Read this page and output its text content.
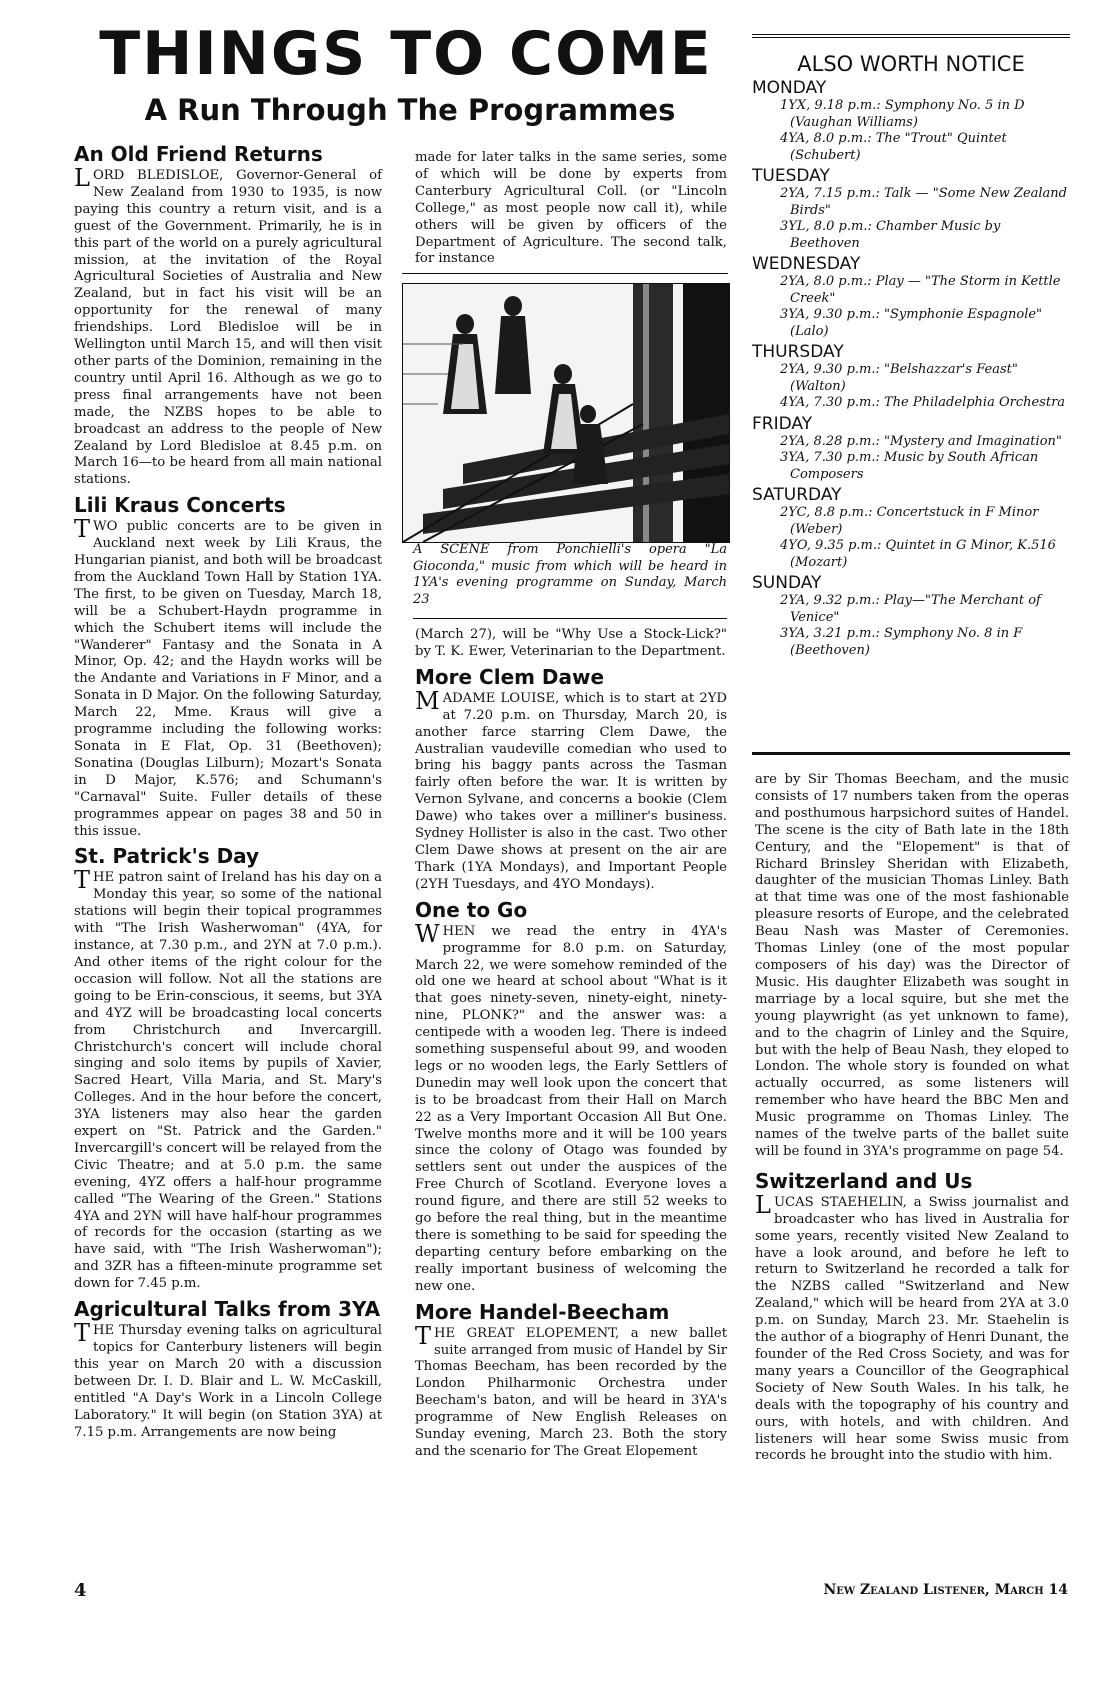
THINGS TO COME
A Run Through The Programmes
An Old Friend Returns

LORD BLEDISLOE, Governor-General of New Zealand from 1930 to 1935, is now paying this country a return visit, and is a guest of the Government. Primarily, he is in this part of the world on a purely agricultural mission, at the invitation of the Royal Agricultural Societies of Australia and New Zealand, but in fact his visit will be an opportunity for the renewal of many friendships. Lord Bledisloe will be in Wellington until March 15, and will then visit other parts of the Dominion, remaining in the country until April 16. Although as we go to press final arrangements have not been made, the NZBS hopes to be able to broadcast an address to the people of New Zealand by Lord Bledisloe at 8.45 p.m. on March 16—to be heard from all main national stations.

Lili Kraus Concerts

TWO public concerts are to be given in Auckland next week by Lili Kraus, the Hungarian pianist, and both will be broadcast from the Auckland Town Hall by Station 1YA. The first, to be given on Tuesday, March 18, will be a Schubert-Haydn programme in which the Schubert items will include the "Wanderer" Fantasy and the Sonata in A Minor, Op. 42; and the Haydn works will be the Andante and Variations in F Minor, and a Sonata in D Major. On the following Saturday, March 22, Mme. Kraus will give a programme including the following works: Sonata in E Flat, Op. 31 (Beethoven); Sonatina (Douglas Lilburn); Mozart's Sonata in D Major, K.576; and Schumann's "Carnaval" Suite. Fuller details of these programmes appear on pages 38 and 50 in this issue.

St. Patrick's Day

THE patron saint of Ireland has his day on a Monday this year, so some of the national stations will begin their topical programmes with "The Irish Washerwoman" (4YA, for instance, at 7.30 p.m., and 2YN at 7.0 p.m.). And other items of the right colour for the occasion will follow. Not all the stations are going to be Erin-conscious, it seems, but 3YA and 4YZ will be broadcasting local concerts from Christchurch and Invercargill. Christchurch's concert will include choral singing and solo items by pupils of Xavier, Sacred Heart, Villa Maria, and St. Mary's Colleges. And in the hour before the concert, 3YA listeners may also hear the garden expert on "St. Patrick and the Garden." Invercargill's concert will be relayed from the Civic Theatre; and at 5.0 p.m. the same evening, 4YZ offers a half-hour programme called "The Wearing of the Green." Stations 4YA and 2YN will have half-hour programmes of records for the occasion (starting as we have said, with "The Irish Washerwoman"); and 3ZR has a fifteen-minute programme set down for 7.45 p.m.

Agricultural Talks from 3YA

THE Thursday evening talks on agricultural topics for Canterbury listeners will begin this year on March 20 with a discussion between Dr. I. D. Blair and L. W. McCaskill, entitled "A Day's Work in a Lincoln College Laboratory." It will begin (on Station 3YA) at 7.15 p.m. Arrangements are now being

4

made for later talks in the same series, some of which will be done by experts from Canterbury Agricultural Coll. (or "Lincoln College," as most people now call it), while others will be given by officers of the Department of Agriculture. The second talk, for instance

A SCENE from Ponchielli's opera "La Gioconda," music from which will be heard in 1YA's evening programme on Sunday, March 23

(March 27), will be "Why Use a Stock-Lick?" by T. K. Ewer, Veterinarian to the Department.

More Clem Dawe

MADAME LOUISE, which is to start at 2YD at 7.20 p.m. on Thursday, March 20, is another farce starring Clem Dawe, the Australian vaudeville comedian who used to bring his baggy pants across the Tasman fairly often before the war. It is written by Vernon Sylvane, and concerns a bookie (Clem Dawe) who takes over a milliner's business. Sydney Hollister is also in the cast. Two other Clem Dawe shows at present on the air are Thark (1YA Mondays), and Important People (2YH Tuesdays, and 4YO Mondays).

One to Go

WHEN we read the entry in 4YA's programme for 8.0 p.m. on Saturday, March 22, we were somehow reminded of the old one we heard at school about "What is it that goes ninety-seven, ninety-eight, ninety-nine, PLONK?" and the answer was: a centipede with a wooden leg. There is indeed something suspenseful about 99, and wooden legs or no wooden legs, the Early Settlers of Dunedin may well look upon the concert that is to be broadcast from their Hall on March 22 as a Very Important Occasion All But One. Twelve months more and it will be 100 years since the colony of Otago was founded by settlers sent out under the auspices of the Free Church of Scotland. Everyone loves a round figure, and there are still 52 weeks to go before the real thing, but in the meantime there is something to be said for speeding the departing century before embarking on the really important business of welcoming the new one.

More Handel-Beecham

THE GREAT ELOPEMENT, a new ballet suite arranged from music of Handel by Sir Thomas Beecham, has been recorded by the London Philharmonic Orchestra under Beecham's baton, and will be heard in 3YA's programme of New English Releases on Sunday evening, March 23. Both the story and the scenario for The Great Elopement

ALSO WORTH NOTICE
MONDAY
1YX, 9.18 p.m.: Symphony No. 5 in D (Vaughan Williams)
4YA, 8.0 p.m.: The "Trout" Quintet (Schubert)
TUESDAY
2YA, 7.15 p.m.: Talk — "Some New Zealand Birds"
3YL, 8.0 p.m.: Chamber Music by Beethoven
WEDNESDAY
2YA, 8.0 p.m.: Play — "The Storm in Kettle Creek"
3YA, 9.30 p.m.: "Symphonie Espagnole" (Lalo)
THURSDAY
2YA, 9.30 p.m.: "Belshazzar's Feast" (Walton)
4YA, 7.30 p.m.: The Philadelphia Orchestra
FRIDAY
2YA, 8.28 p.m.: "Mystery and Imagination"
3YA, 7.30 p.m.: Music by South African Composers
SATURDAY
2YC, 8.8 p.m.: Concertstuck in F Minor (Weber)
4YO, 9.35 p.m.: Quintet in G Minor, K.516 (Mozart)
SUNDAY
2YA, 9.32 p.m.: Play—"The Merchant of Venice"
3YA, 3.21 p.m.: Symphony No. 8 in F (Beethoven)

are by Sir Thomas Beecham, and the music consists of 17 numbers taken from the operas and posthumous harpsichord suites of Handel. The scene is the city of Bath late in the 18th Century, and the "Elopement" is that of Richard Brinsley Sheridan with Elizabeth, daughter of the musician Thomas Linley. Bath at that time was one of the most fashionable pleasure resorts of Europe, and the celebrated Beau Nash was Master of Ceremonies. Thomas Linley (one of the most popular composers of his day) was the Director of Music. His daughter Elizabeth was sought in marriage by a local squire, but she met the young playwright (as yet unknown to fame), and to the chagrin of Linley and the Squire, but with the help of Beau Nash, they eloped to London. The whole story is founded on what actually occurred, as some listeners will remember who have heard the BBC Men and Music programme on Thomas Linley. The names of the twelve parts of the ballet suite will be found in 3YA's programme on page 54.

Switzerland and Us

LUCAS STAEHELIN, a Swiss journalist and broadcaster who has lived in Australia for some years, recently visited New Zealand to have a look around, and before he left to return to Switzerland he recorded a talk for the NZBS called "Switzerland and New Zealand," which will be heard from 2YA at 3.0 p.m. on Sunday, March 23. Mr. Staehelin is the author of a biography of Henri Dunant, the founder of the Red Cross Society, and was for many years a Councillor of the Geographical Society of New South Wales. In his talk, he deals with the topography of his country and ours, with hotels, and with children. And listeners will hear some Swiss music from records he brought into the studio with him.

New Zealand Listener, March 14
